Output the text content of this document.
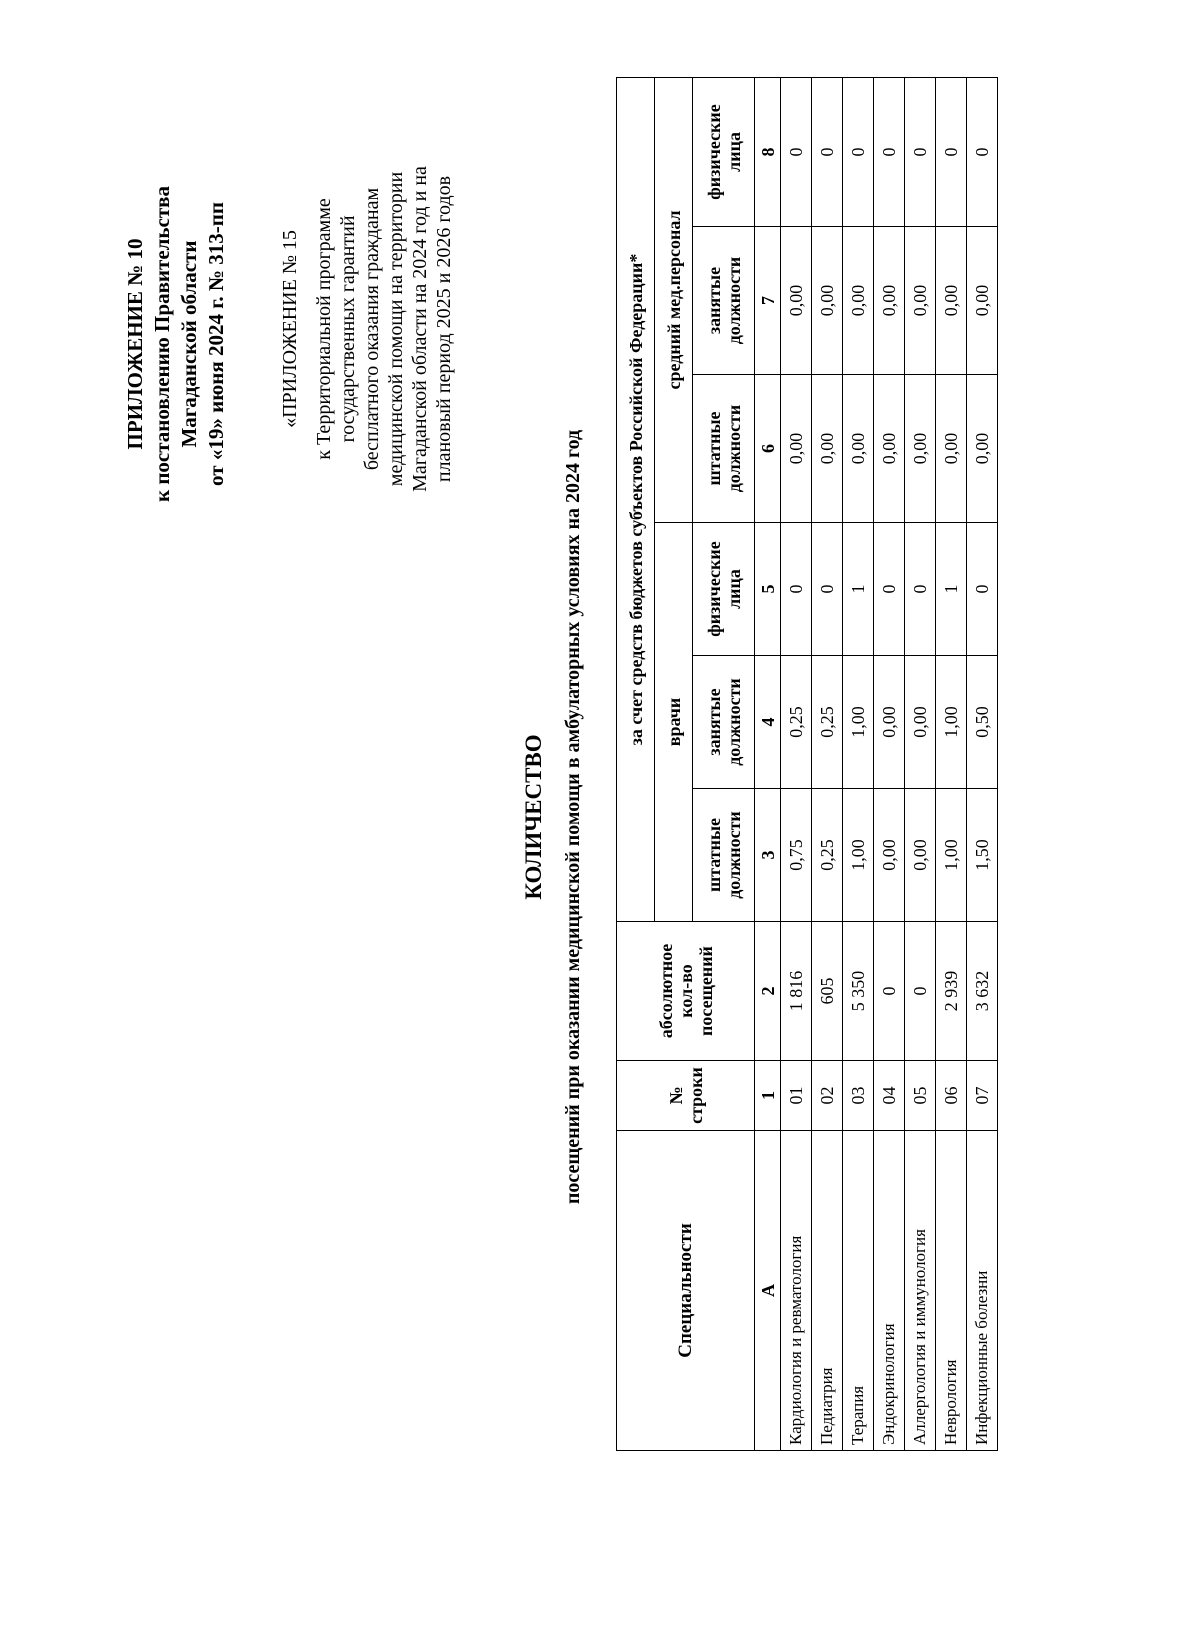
ПРИЛОЖЕНИЕ № 10 к постановлению Правительства Магаданской области от «19» июня 2024 г. № 313-пп	«ПРИЛОЖЕНИЕ № 15 к Территориальной программе государственных гарантий бесплатного оказания гражданам медицинской помощи на территории Магаданской области на 2024 год и на плановый период 2025 и 2026 годов
КОЛИЧЕСТВО посещений при оказании медицинской помощи в амбулаторных условиях на 2024 год
Специальности	№ строки	абсолютное кол-во посещений	за счет средств бюджетов субъектов Российской Федерации*					
			врачи			средний мед.персонал		
			штатные должности	занятые должности	физические лица	штатные должности	занятые должности	физические лица
А	1	2	3	4	5	6	7	8
Кардиология и ревматология	01	1 816	0,75	0,25	0	0,00	0,00	0
Педиатрия	02	605	0,25	0,25	0	0,00	0,00	0
Терапия	03	5 350	1,00	1,00	1	0,00	0,00	0
Эндокринология	04	0	0,00	0,00	0	0,00	0,00	0
Аллергология и иммунология	05	0	0,00	0,00	0	0,00	0,00	0
Неврология	06	2 939	1,00	1,00	1	0,00	0,00	0
Инфекционные болезни	07	3 632	1,50	0,50	0	0,00	0,00	0
